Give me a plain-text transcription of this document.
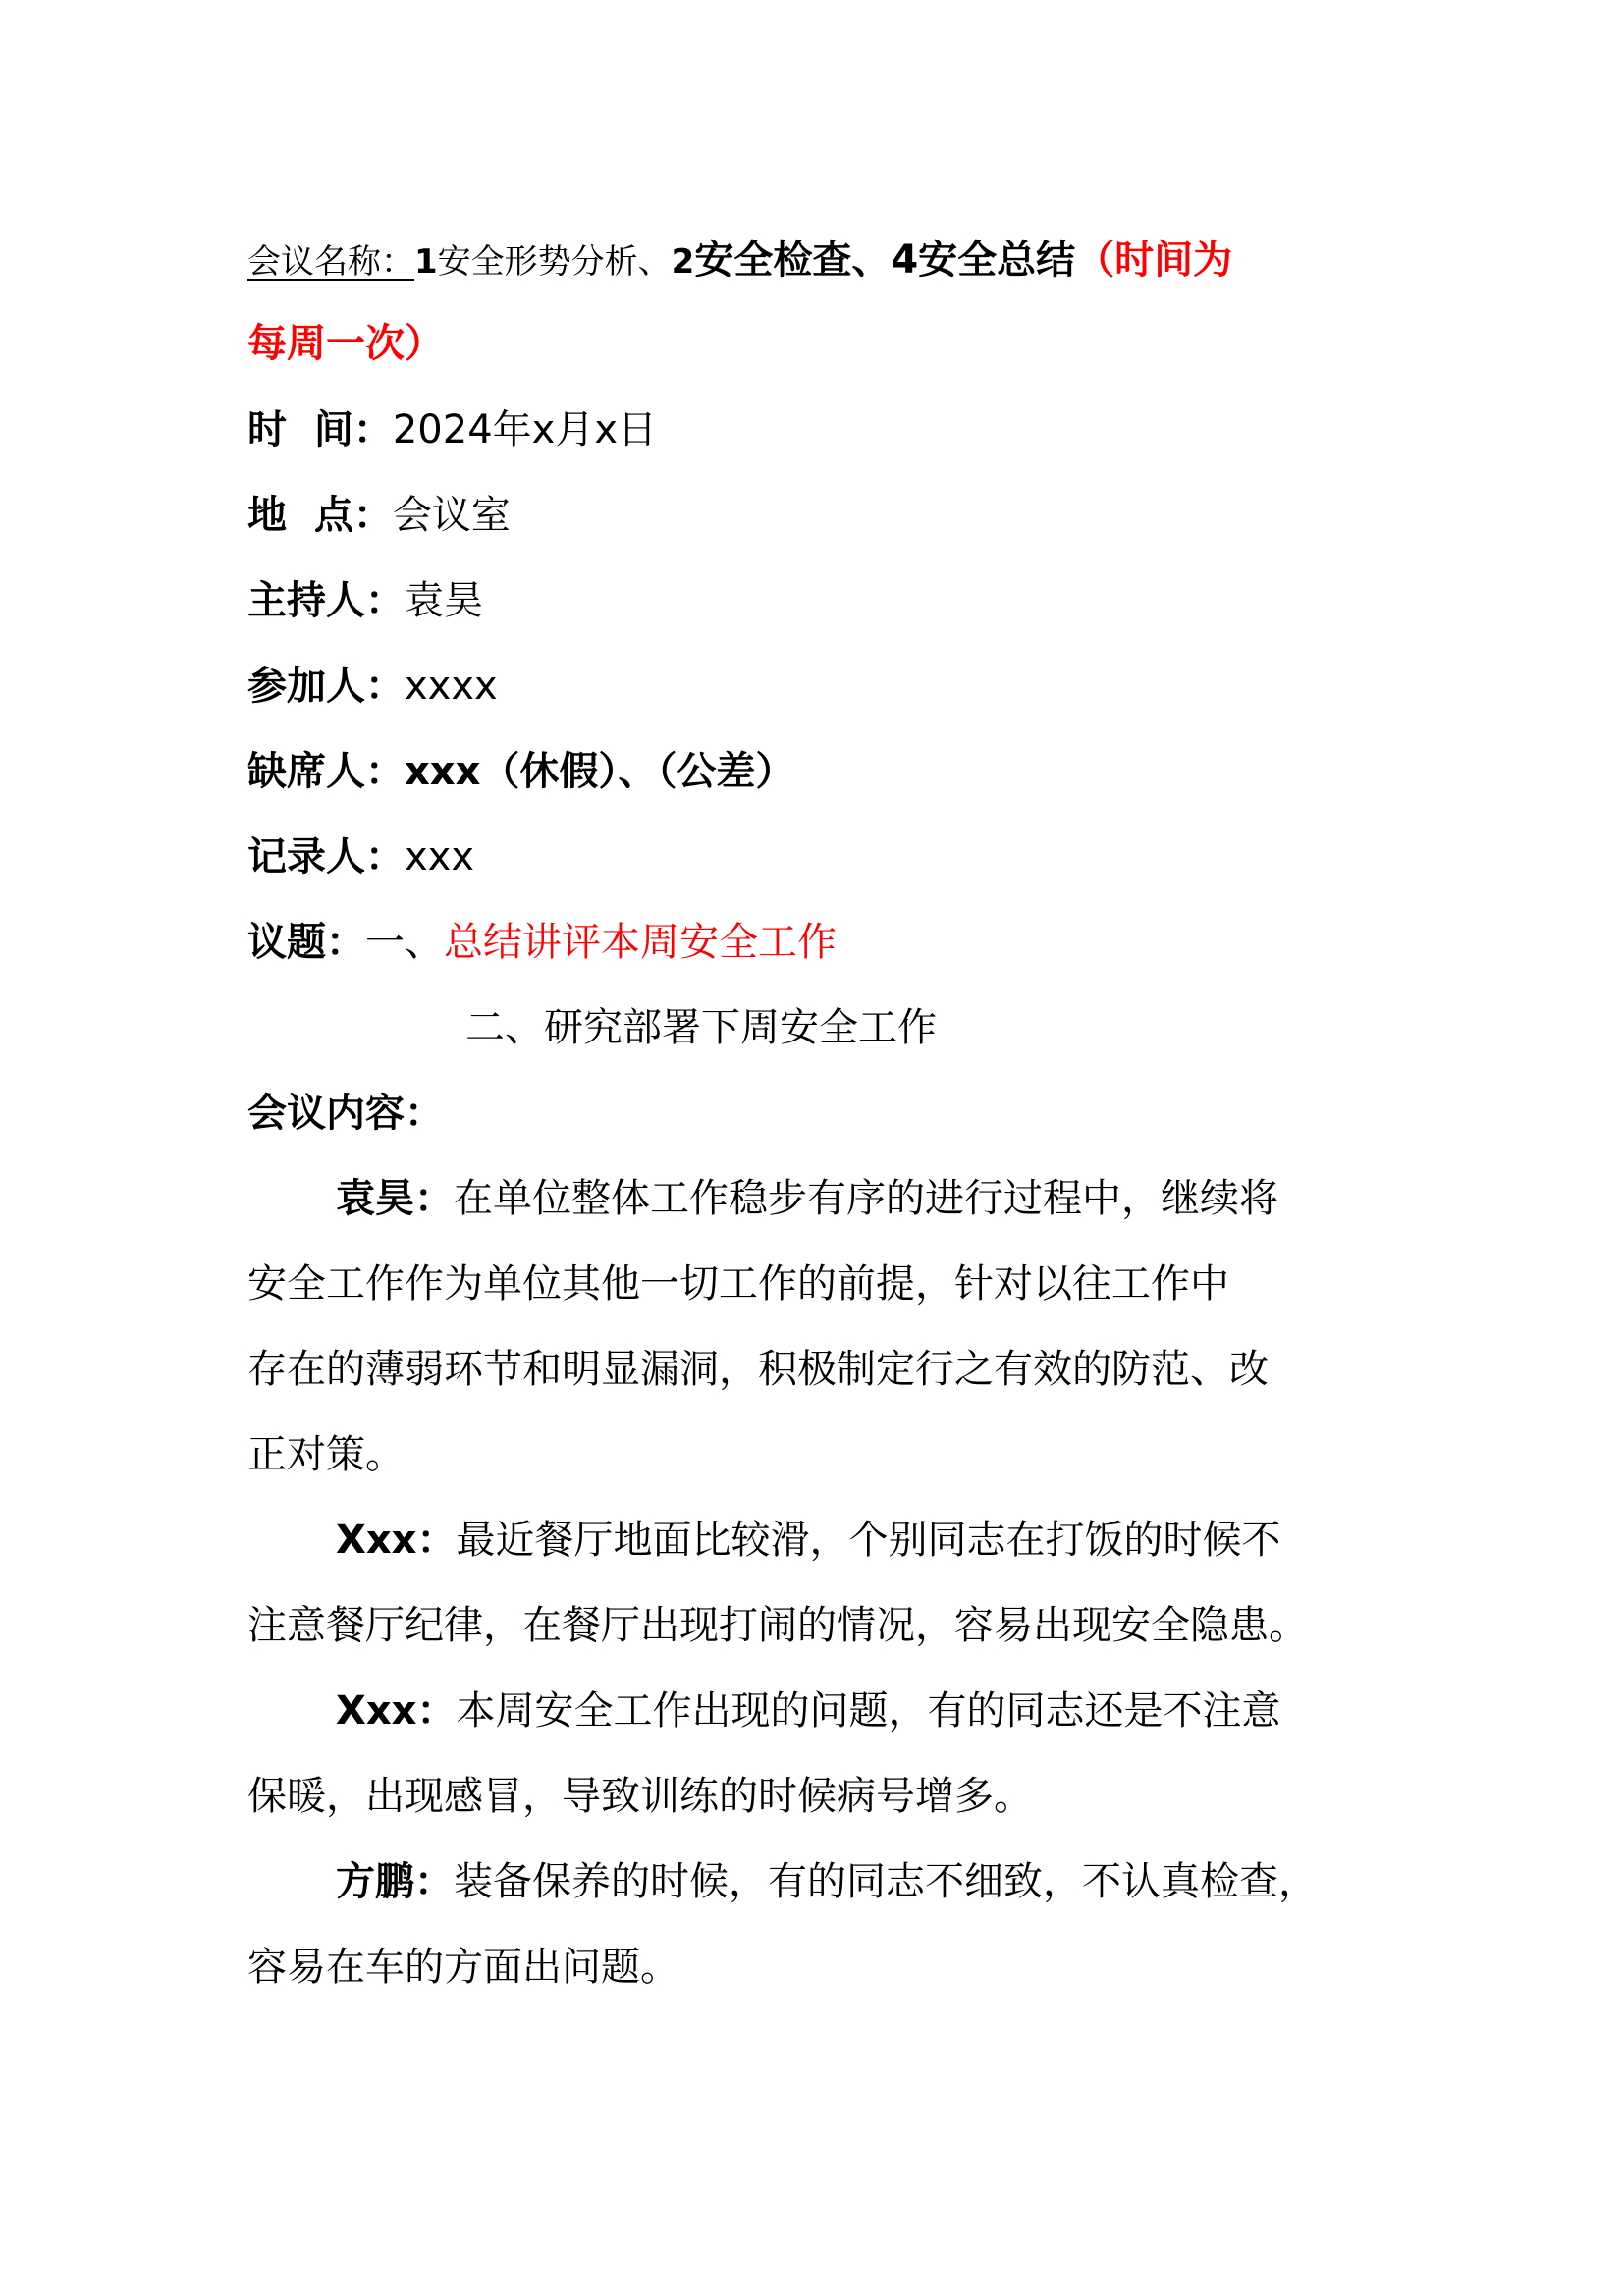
会议名称：1安全形势分析、2安全检查、4安全总结（时间为
每周一次）
时  间：2024年x月x日
地  点：会议室
主持人：袁昊
参加人：xxxx
缺席人：xxx（休假）、（公差）
记录人：xxx
议题：一、总结讲评本周安全工作
二、研究部署下周安全工作
会议内容：
袁昊：在单位整体工作稳步有序的进行过程中，继续将
安全工作作为单位其他一切工作的前提，针对以往工作中
存在的薄弱环节和明显漏洞，积极制定行之有效的防范、改
正对策。
Xxx：最近餐厅地面比较滑，个别同志在打饭的时候不
注意餐厅纪律，在餐厅出现打闹的情况，容易出现安全隐患。
Xxx：本周安全工作出现的问题，有的同志还是不注意
保暖，出现感冒，导致训练的时候病号增多。
方鹏：装备保养的时候，有的同志不细致，不认真检查，
容易在车的方面出问题。
